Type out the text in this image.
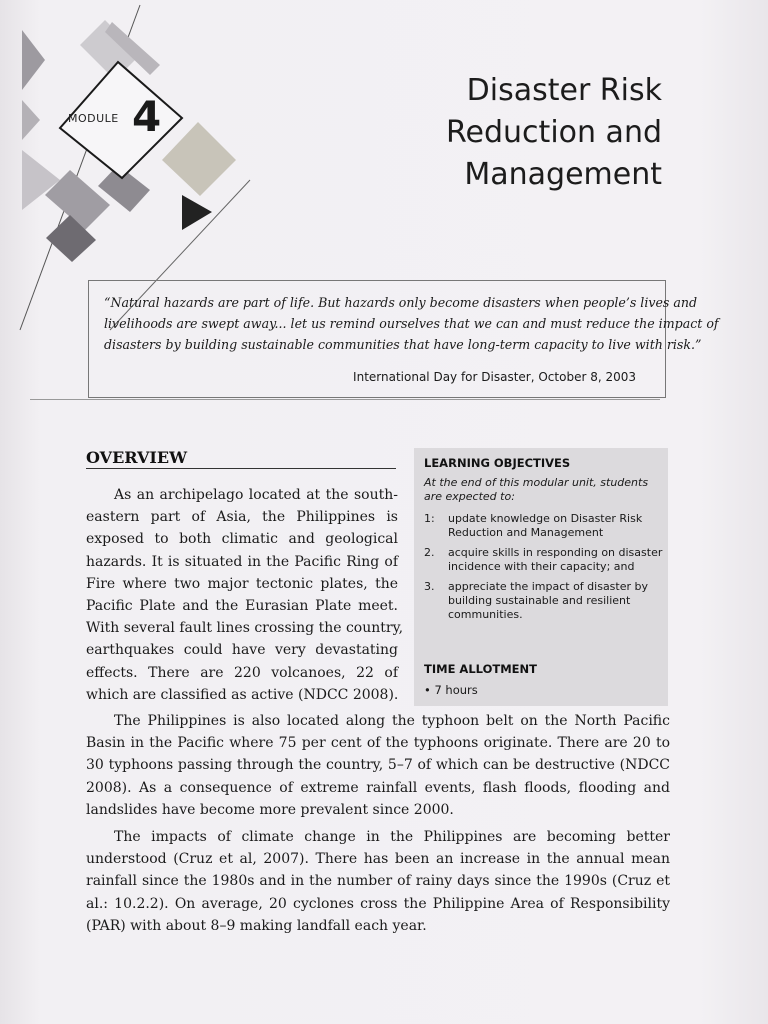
MODULE 4
Disaster Risk
Reduction and
Management
“Natural hazards are part of life. But hazards only become disasters when people’s lives and
livelihoods are swept away... let us remind ourselves that we can and must reduce the impact of
disasters by building sustainable communities that have long-term capacity to live with risk.”
International Day for Disaster, October 8, 2003
OVERVIEW
As an archipelago located at the south-
eastern part of Asia, the Philippines is
exposed to both climatic and geological
hazards. It is situated in the Pacific Ring of
Fire where two major tectonic plates, the
Pacific Plate and the Eurasian Plate meet.
With several fault lines crossing the country,
earthquakes could have very devastating
effects. There are 220 volcanoes, 22 of
which are classified as active (NDCC 2008).
LEARNING OBJECTIVES
At the end of this modular unit, students are expected to:
1: update knowledge on Disaster Risk Reduction and Management
2. acquire skills in responding on disaster incidence with their capacity; and
3. appreciate the impact of disaster by building sustainable and resilient communities.
TIME ALLOTMENT
• 7 hours
The Philippines is also located along the typhoon belt on the North Pacific
Basin in the Pacific where 75 per cent of the typhoons originate. There are 20 to
30 typhoons passing through the country, 5–7 of which can be destructive (NDCC
2008). As a consequence of extreme rainfall events, flash floods, flooding and
landslides have become more prevalent since 2000.
The impacts of climate change in the Philippines are becoming better
understood (Cruz et al, 2007). There has been an increase in the annual mean
rainfall since the 1980s and in the number of rainy days since the 1990s (Cruz et
al.: 10.2.2). On average, 20 cyclones cross the Philippine Area of Responsibility
(PAR) with about 8–9 making landfall each year.
